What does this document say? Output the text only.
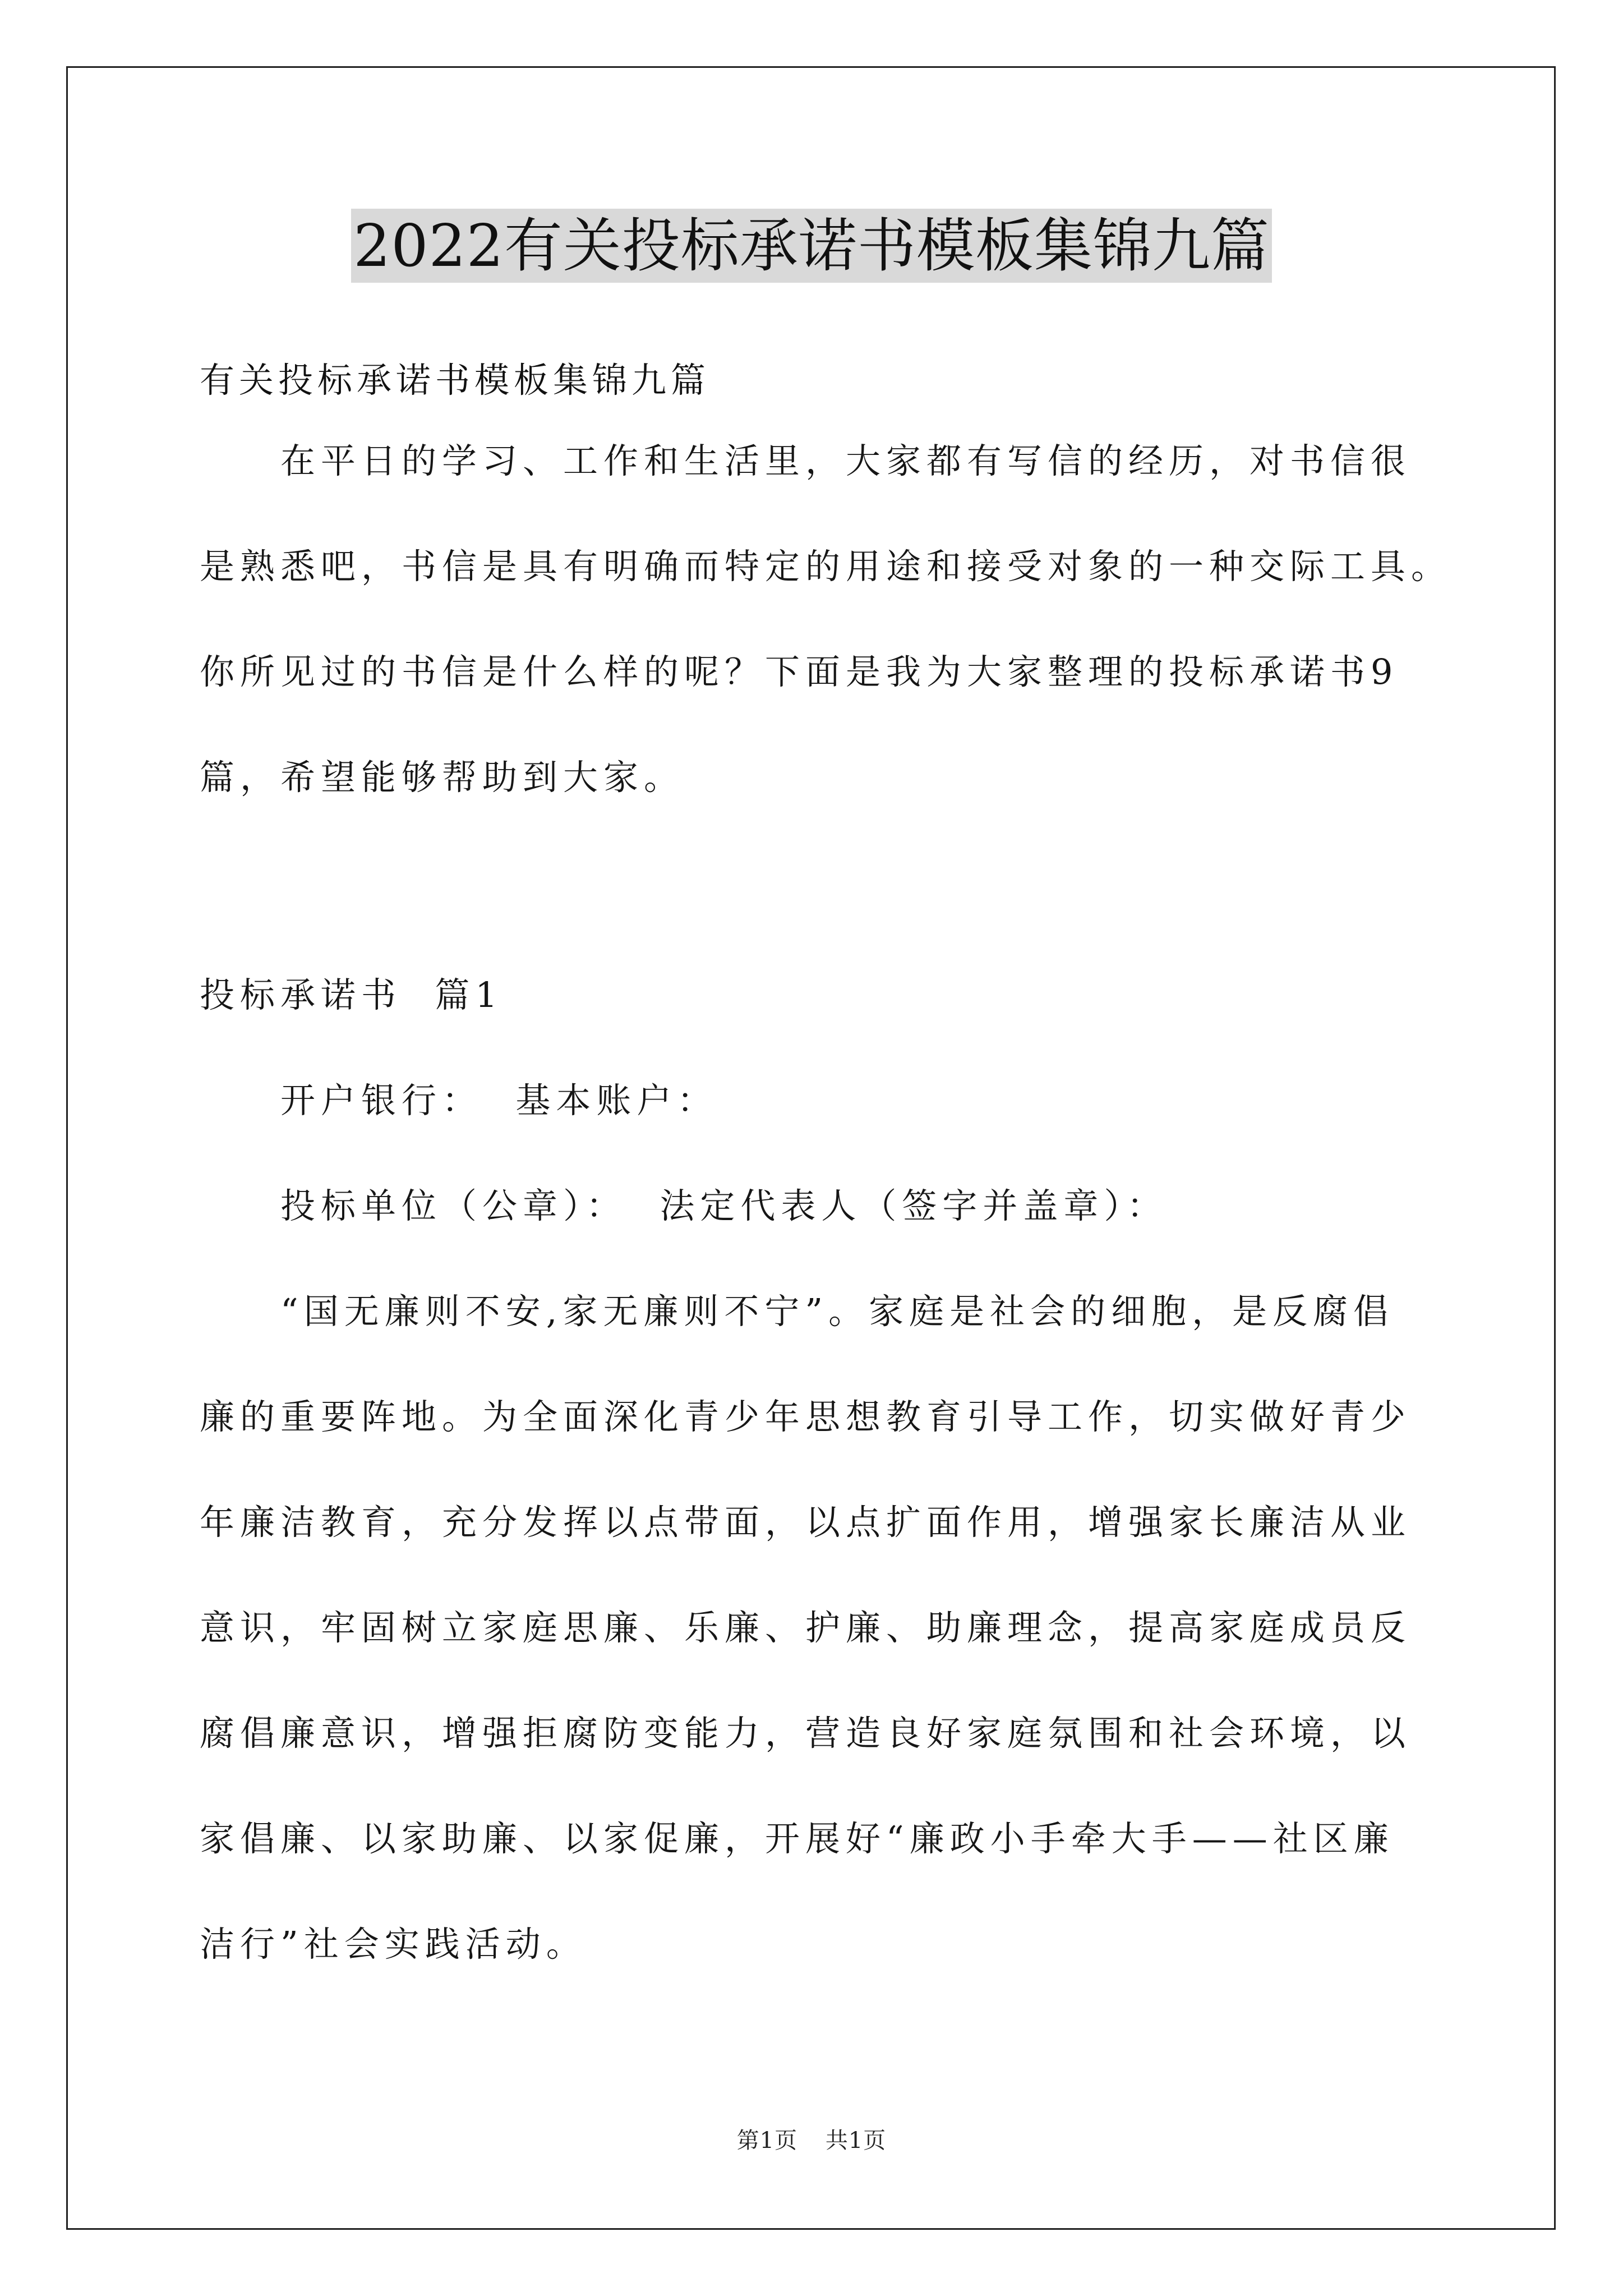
2022有关投标承诺书模板集锦九篇
有关投标承诺书模板集锦九篇
在平日的学习、工作和生活里，大家都有写信的经历，对书信很
是熟悉吧，书信是具有明确而特定的用途和接受对象的一种交际工具。
你所见过的书信是什么样的呢？下面是我为大家整理的投标承诺书9
篇，希望能够帮助到大家。
投标承诺书  篇1
开户银行：  基本账户：
投标单位（公章）：  法定代表人（签字并盖章）：
“国无廉则不安,家无廉则不宁”。家庭是社会的细胞，是反腐倡
廉的重要阵地。为全面深化青少年思想教育引导工作，切实做好青少
年廉洁教育，充分发挥以点带面，以点扩面作用，增强家长廉洁从业
意识，牢固树立家庭思廉、乐廉、护廉、助廉理念，提高家庭成员反
腐倡廉意识，增强拒腐防变能力，营造良好家庭氛围和社会环境，以
家倡廉、以家助廉、以家促廉，开展好“廉政小手牵大手——社区廉
洁行”社会实践活动。
第1页 共1页
